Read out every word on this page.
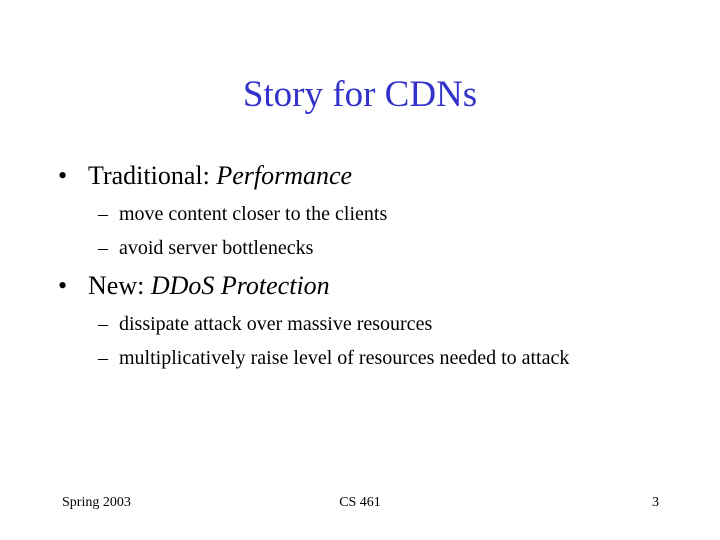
Story for CDNs
• Traditional: Performance
– move content closer to the clients
– avoid server bottlenecks
• New: DDoS Protection
– dissipate attack over massive resources
– multiplicatively raise level of resources needed to attack
Spring 2003	CS 461	3
